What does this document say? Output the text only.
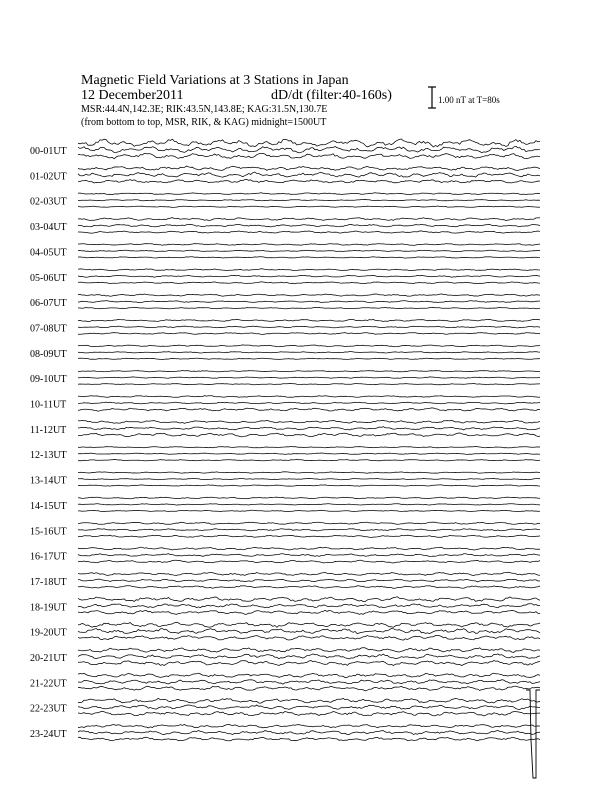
Magnetic Field Variations at 3 Stations in Japan
12 December2011	dD/dt (filter:40-160s)
MSR:44.4N,142.3E; RIK:43.5N,143.8E; KAG:31.5N,130.7E
(from bottom to top, MSR, RIK, & KAG) midnight=1500UT
1.00 nT at T=80s
00-01UT
01-02UT
02-03UT
03-04UT
04-05UT
05-06UT
06-07UT
07-08UT
08-09UT
09-10UT
10-11UT
11-12UT
12-13UT
13-14UT
14-15UT
15-16UT
16-17UT
17-18UT
18-19UT
19-20UT
20-21UT
21-22UT
22-23UT
23-24UT
